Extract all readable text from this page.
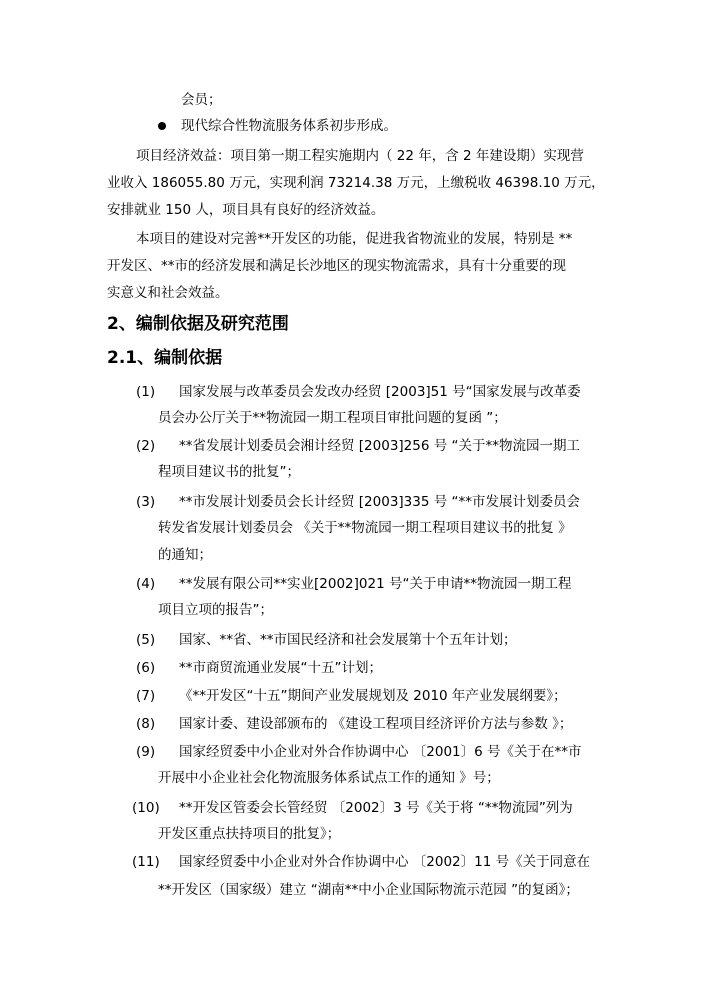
会员；
现代综合性物流服务体系初步形成。
项目经济效益：项目第一期工程实施期内（ 22 年，含 2 年建设期）实现营
业收入 186055.80 万元，实现利润 73214.38 万元，上缴税收 46398.10 万元，
安排就业 150 人，项目具有良好的经济效益。
本项目的建设对完善**开发区的功能，促进我省物流业的发展，特别是 **
开发区、**市的经济发展和满足长沙地区的现实物流需求，具有十分重要的现
实意义和社会效益。
2、编制依据及研究范围
2.1、编制依据
(1) 国家发展与改革委员会发改办经贸 [2003]51 号“国家发展与改革委
员会办公厅关于**物流园一期工程项目审批问题的复函 ”；
(2) **省发展计划委员会湘计经贸 [2003]256 号 “关于**物流园一期工
程项目建议书的批复”；
(3) **市发展计划委员会长计经贸 [2003]335 号 “**市发展计划委员会
转发省发展计划委员会 《关于**物流园一期工程项目建议书的批复 》
的通知；
(4) **发展有限公司**实业[2002]021 号“关于申请**物流园一期工程
项目立项的报告”；
(5) 国家、**省、**市国民经济和社会发展第十个五年计划；
(6) **市商贸流通业发展“十五”计划；
(7) 《**开发区“十五”期间产业发展规划及 2010 年产业发展纲要》；
(8) 国家计委、建设部颁布的 《建设工程项目经济评价方法与参数 》；
(9) 国家经贸委中小企业对外合作协调中心 〔2001〕6 号《关于在**市
开展中小企业社会化物流服务体系试点工作的通知 》号；
(10) **开发区管委会长管经贸 〔2002〕3 号《关于将 “**物流园”列为
开发区重点扶持项目的批复》；
(11) 国家经贸委中小企业对外合作协调中心 〔2002〕11 号《关于同意在
**开发区（国家级）建立 “湖南**中小企业国际物流示范园 ”的复函》；
